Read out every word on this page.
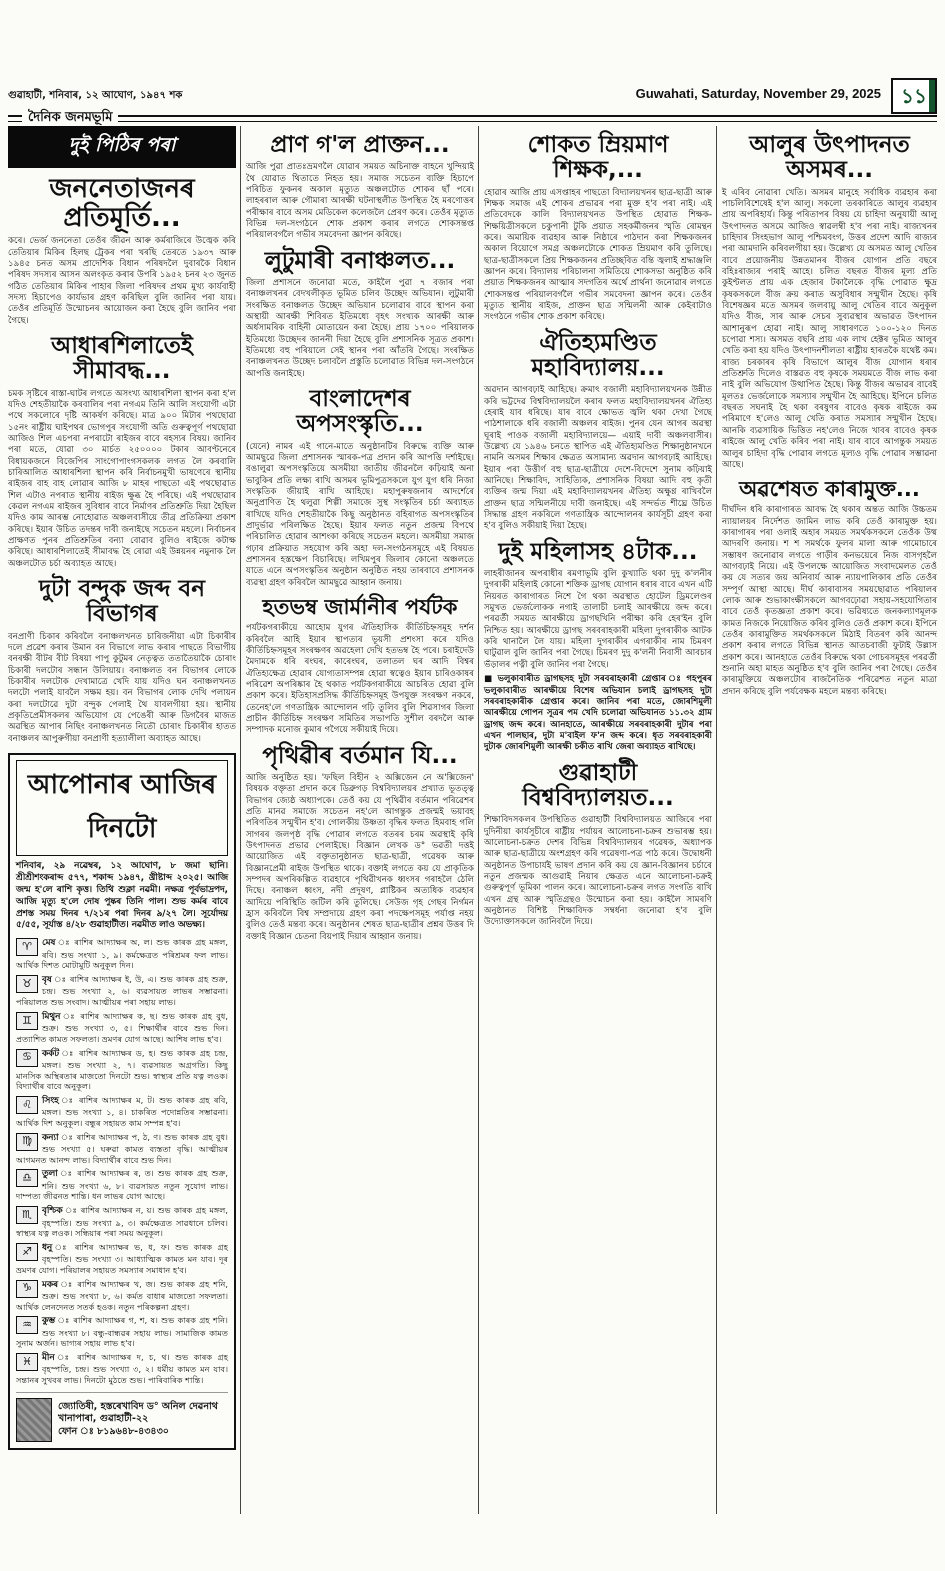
গুৱাহাটী, শনিবাৰ, ১২ আঘোণ, ১৯৪৭ শক	Guwahati, Saturday, November 29, 2025 ১১
দৈনিক জনমভূমি
দুই পিঠিৰ পৰা
জননেতাজনৰ প্ৰতিমূৰ্তি...

কৰে। ভেৰ্জ জননেতা তেওঁৰ জীৱন আৰু কৰ্মৰাজিৰে উজ্বেক কৰি তেতিয়াৰ মিকিৰ হিলছ ট্ৰেকৰ পৰা খৰছি তেৰতে ১৯৩৭ আৰু ১৯৪৫ চনত অসম প্ৰাদেশিক বিধান পৰিষদলৈ দুবাৰকৈ বিধান পৰিষদ সদস্যৰ আসন অলংকৃত কৰাৰ উপৰি ১৯৫২ চনৰ ২৩ জুনত গঠিত তেতিয়াৰ মিকিৰ পাহাৰ জিলা পৰিষদৰ প্ৰথম মুখ্য কাৰ্যবাহী সদস্য হিচাপেও কাৰ্যভাৰ গ্ৰহণ কৰিছিল বুলি জানিব পৰা যায়। তেওঁৰ প্ৰতিমূৰ্তি উন্মোচনৰ আয়োজন কৰা হৈছে বুলি জানিব পৰা গৈছে।

আধাৰশিলাতেই সীমাবদ্ধ...

চমক সৃষ্টিৰে ৰাস্তা-ঘাটৰ লগতে অসংখ্য আধাৰশিলা স্থাপন কৰা হ'ল যদিও শেহতীয়াকৈ কৰবালিৰ পৰা নগএম তিনি আলি সংযোগী এটা পথে সকলোৰে দৃষ্টি আকৰ্ষণ কৰিছে। মাত্ৰ ৯০০ মিটাৰ পথছোৱা ১৫নং ৰাষ্ট্ৰীয় ঘাইপথৰ ভোগপুৰ সংযোগী অতি গুৰুত্বপূৰ্ণ পথছোৱা আজিও শিল এচপৰা নপৰাটো ৰাইজৰ বাবে ৰহস্যৰ বিষয়। জানিব পৰা মতে, যোৱা ৩০ মাৰ্চত ২৫০০০০ টকাৰ আবণ্টনেৰে বিধায়কজনে বিজেপিৰ সাংগোপাংগসকলক লগত লৈ কৰবালি চাৰিআলিত আধাৰশিলা স্থাপন কৰি নিৰ্বাচনমুখী ভাষণেৰে স্থানীয় ৰাইজৰ বাহ বাহ লোৱাৰ আজি ৮ মাহৰ পাছতো এই পথছোৱাত শিল এটাও নপৰাত স্থানীয় ৰাইজ ক্ষুব্ধ হৈ পৰিছে। এই পথছোৱাৰ কেৱল নগএম ৰাইজৰ সুবিধাৰ বাবে নিৰ্মাণৰ প্ৰতিশ্ৰুতি দিয়া হৈছিল যদিও কাম আৰম্ভ নোহোৱাত অঞ্চলবাসীয়ে তীব্ৰ প্ৰতিক্ৰিয়া প্ৰকাশ কৰিছে। ইয়াৰ উচিত তদন্তৰ দাবী জনাইছে সচেতন মহলে। নিৰ্বাচনৰ প্ৰাক্ষণত পুনৰ প্ৰতিশ্ৰুতিৰ বন্যা বোৱাব বুলিও ৰাইজে কটাক্ষ কৰিছে। আধাৰশিলাতেই সীমাবদ্ধ হৈ ৰোৱা এই উন্নয়নৰ নমুনাক লৈ অঞ্চলটোত চৰ্চা অব্যাহত আছে।

দুটা বন্দুক জব্দ বন বিভাগৰ

বনপ্ৰাণী চিকাৰ কৰিবলৈ বনাঞ্চলখনত চাৰিজনীয়া এটা চিকাৰীৰ দলে প্ৰৱেশ কৰাৰ উমান বন বিভাগে লাভ কৰাৰ পাছতে বিভাগীয় বনৰক্ষী বীটৰ বীট বিষয়া পাপু কুটুমৰ নেতৃত্বত ততাতৈয়াকৈ চোৰাং চিকাৰী দলটোৰ সন্ধান উলিয়ায়। বনাঞ্চলত বন বিভাগৰ লোকে চিকাৰীৰ দলটোক দেখামাত্ৰে খেদি যায় যদিও ঘন বনাঞ্চলখনত দলটো পলাই যাবলৈ সক্ষম হয়। বন বিভাগৰ লোক দেখি পলায়ন কৰা দলটোৱে দুটা বন্দুক পেলাই থৈ যাবলগীয়া হয়। স্থানীয় প্ৰকৃতিপ্ৰেমীসকলৰ অভিযোগ যে পেঙেৰী আৰু ডিগবৈৰ মাজত অৱস্থিত আপাৰ নিছিং বনাঞ্চলখনত নিতৌ চোৰাং চিকাৰীৰ হাতত বনাঞ্চলৰ আপুৰুগীয়া বনপ্ৰাণী হত্যালীলা অব্যাহত আছে।

আপোনাৰ আজিৰ দিনটো
শনিবাৰ, ২৯ নৱেম্বৰ, ১২ আঘোণ, ৮ জমা ছানি। শ্ৰীশ্ৰীশংকৰাব্দ ৫৭৭, শকাব্দ ১৯৪৭, খ্ৰীষ্টাব্দ ২০২৫। আজি জন্ম হ'লে ৰাশি কৃত্ত। তিথি শুক্লা নৱমী। নক্ষত্ৰ পূৰ্বভাদ্ৰপদ, আজি মৃত্যু হ'লে দোষ পুষ্কৰ তিনি পাল। শুভ কৰ্মৰ বাবে প্ৰশস্ত সময় দিনৰ ৭/২১ৰ পৰা দিনৰ ৯/২৭ লৈ। সূৰ্যোদয় ৫/৫৫, সূৰ্যাস্ত ৪/২৮ গুৱাহাটীত। নৱমীত লাও অভক্ষ্য।
♈	মেষ ঃ ৰাশিৰ আদ্যাক্ষৰ অ, ল। শুভ কাৰক গ্ৰহ মঙ্গল, ৰবি। শুভ সংখ্যা ১, ৯। কৰ্মক্ষেত্ৰত পৰিশ্ৰমৰ ফল লাভ। আৰ্থিক দিশত মোটামুটি অনুকূল দিন।
♉	বৃষ ঃ ৰাশিৰ আদ্যাক্ষৰ ই, উ, এ। শুভ কাৰক গ্ৰহ শুক্ৰ, চন্দ্ৰ। শুভ সংখ্যা ২, ৬। ব্যৱসায়ত লাভৰ সম্ভাৱনা। পৰিয়ালত শুভ সংবাদ। আত্মীয়ৰ পৰা সহায় লাভ।
♊	মিথুন ঃ ৰাশিৰ আদ্যাক্ষৰ ক, ছ। শুভ কাৰক গ্ৰহ বুধ, শুক্ৰ। শুভ সংখ্যা ৩, ৫। শিক্ষাৰ্থীৰ বাবে শুভ দিন। প্ৰত্যাশিত কামত সফলতা। ভ্ৰমণৰ যোগ আছে। আশিষ লাভ হ'ব।
♋	কৰ্কট ঃ ৰাশিৰ আদ্যাক্ষৰ ড, হ। শুভ কাৰক গ্ৰহ চন্দ্ৰ, মঙ্গল। শুভ সংখ্যা ২, ৭। ব্যৱসায়ত অগ্ৰগতি। কিছু মানসিক অস্থিৰতাৰ মাজতো দিনটো শুভ। স্বাস্থ্যৰ প্ৰতি যত্ন লওক। বিদ্যাৰ্থীৰ বাবে অনুকূল।
♌	সিংহ ঃ ৰাশিৰ আদ্যাক্ষৰ ম, ট। শুভ কাৰক গ্ৰহ ৰবি, মঙ্গল। শুভ সংখ্যা ১, ৪। চাকৰিত পদোন্নতিৰ সম্ভাৱনা। আৰ্থিক দিশ অনুকূল। বন্ধুৰ সহায়ত কাম সম্পন্ন হ'ব।
♍	কন্যা ঃ ৰাশিৰ আদ্যাক্ষৰ প, ঠ, ণ। শুভ কাৰক গ্ৰহ বুধ। শুভ সংখ্যা ৫। ঘৰুৱা কামত ব্যস্ততা বৃদ্ধি। আত্মীয়ৰ আগমনত আনন্দ লাভ। বিদ্যাৰ্থীৰ বাবে শুভ দিন।
♎	তুলা ঃ ৰাশিৰ আদ্যাক্ষৰ ৰ, ত। শুভ কাৰক গ্ৰহ শুক্ৰ, শনি। শুভ সংখ্যা ৬, ৮। ব্যৱসায়ত নতুন সুযোগ লাভ। দাম্পত্য জীৱনত শান্তি। ধন লাভৰ যোগ আছে।
♏	বৃশ্চিক ঃ ৰাশিৰ আদ্যাক্ষৰ ন, য়। শুভ কাৰক গ্ৰহ মঙ্গল, বৃহস্পতি। শুভ সংখ্যা ৯, ৩। কৰ্মক্ষেত্ৰত সাৱধানে চলিব। স্বাস্থ্যৰ যত্ন লওক। সন্ধিয়াৰ পৰা সময় অনুকূল।
♐	ধনু ঃ ৰাশিৰ আদ্যাক্ষৰ ভ, ধ, ফ। শুভ কাৰক গ্ৰহ বৃহস্পতি। শুভ সংখ্যা ৩। আধ্যাত্মিক কামত মন যাব। দূৰ ভ্ৰমণৰ যোগ। পৰিয়ালৰ সহায়ত সমস্যাৰ সমাধান হ'ব।
♑	মকৰ ঃ ৰাশিৰ আদ্যাক্ষৰ খ, জ। শুভ কাৰক গ্ৰহ শনি, শুক্ৰ। শুভ সংখ্যা ৮, ৬। কৰ্মত বাধাৰ মাজতো সফলতা। আৰ্থিক লেনদেনত সতৰ্ক হওক। নতুন পৰিকল্পনা গ্ৰহণ।
♒	কুম্ভ ঃ ৰাশিৰ আদ্যাক্ষৰ গ, শ, ষ। শুভ কাৰক গ্ৰহ শনি। শুভ সংখ্যা ৮। বন্ধু-বান্ধৱৰ সহায় লাভ। সামাজিক কামত সুনাম অৰ্জন। ভাগ্যৰ সহায় লাভ হ'ব।
♓	মীন ঃ ৰাশিৰ আদ্যাক্ষৰ দ, চ, থ। শুভ কাৰক গ্ৰহ বৃহস্পতি, চন্দ্ৰ। শুভ সংখ্যা ৩, ২। ধৰ্মীয় কামত মন যাব। সন্তানৰ সুখবৰ লাভ। দিনটো মুঠতে শুভ। পাৰিবাৰিক শান্তি।
জ্যোতিষী, হস্তৰেখাবিদ ড° অনিল দেৱনাথ
খানাপাৰা, গুৱাহাটী-২২
ফোন ঃ ৮১৯৬৪৮-৪৩৪৩০
প্ৰাণ গ'ল প্ৰাক্তন...

আজি পুৱা প্ৰাতঃভ্ৰমণলৈ যোৱাৰ সময়ত অচিনাক্ত বাহনে খুন্দিয়াই থৈ যোৱাত থিতাতে নিহত হয়। সমাজ সচেতন ব্যক্তি হিচাপে পৰিচিত ফুকনৰ অকাল মৃত্যুত অঞ্চলটোত শোকৰ ছাঁ পৰে। লাহৰৰাল আৰু গৌমাৰা আৰক্ষী ঘটনাস্থলীত উপস্থিত হৈ মৰণোত্তৰ পৰীক্ষাৰ বাবে অসম মেডিকেল কলেজলৈ প্ৰেৰণ কৰে। তেওঁৰ মৃত্যুত বিভিন্ন দল-সংগঠনে শোক প্ৰকাশ কৰাৰ লগতে শোকসন্তপ্ত পৰিয়ালবৰ্গলৈ গভীৰ সমবেদনা জ্ঞাপন কৰিছে।

লুটুমাৰী বনাঞ্চলত...

জিলা প্ৰশাসনে জনোৱা মতে, কাইলৈ পুৱা ৭ বজাৰ পৰা বনাঞ্চলখনৰ বেদখলীকৃত ভূমিত চলিব উচ্ছেদ অভিযান। লুটুমাৰী সংৰক্ষিত বনাঞ্চলত উচ্ছেদ অভিযান চলোৱাৰ বাবে স্থাপন কৰা অস্থায়ী আৰক্ষী শিবিৰত ইতিমধ্যে বৃহৎ সংখ্যক আৰক্ষী আৰু অৰ্ধসামৰিক বাহিনী মোতায়েন কৰা হৈছে। প্ৰায় ১৭০০ পৰিয়ালক ইতিমধ্যে উচ্ছেদৰ জাননী দিয়া হৈছে বুলি প্ৰশাসনিক সূত্ৰত প্ৰকাশ। ইতিমধ্যে বহু পৰিয়ালে সেই স্থানৰ পৰা আঁতৰি গৈছে। সংৰক্ষিত বনাঞ্চলখনত উচ্ছেদ চলাবলৈ প্ৰস্তুতি চলোৱাত বিভিন্ন দল-সংগঠনে আপত্তি জনাইছে।

বাংলাদেশৰ অপসংস্কৃতি...

(যেনে) নামৰ এই গানে-মাতে অনুষ্ঠানটিৰ বিৰুদ্ধে ব্যক্তি আৰু আমছুৱে জিলা প্ৰশাসনক স্মাৰক-পত্ৰ প্ৰদান কৰি আপত্তি দৰ্শাইছে। বঙালুৱা অপসংস্কৃতিয়ে অসমীয়া জাতীয় জীৱনলৈ কঢ়িয়াই অনা ভাবুকিৰ প্ৰতি লক্ষ্য ৰাখি অসমৰ ভূমিপুত্ৰসকলে যুগ যুগ ধৰি নিজা সংস্কৃতিক জীয়াই ৰাখি আহিছে। মহাপুৰুষজনাৰ আদৰ্শেৰে অনুপ্ৰাণিত হৈ থলুৱা শিল্পী সমাজে সুস্থ সংস্কৃতিৰ চৰ্চা অব্যাহত ৰাখিছে যদিও শেহতীয়াকৈ কিছু অনুষ্ঠানত বহিৰাগত অপসংস্কৃতিৰ প্ৰাদুৰ্ভাৱ পৰিলক্ষিত হৈছে। ইয়াৰ ফলত নতুন প্ৰজন্ম বিপথে পৰিচালিত হোৱাৰ আশংকা কৰিছে সচেতন মহলে। অসমীয়া সমাজ গঢ়াৰ প্ৰক্ৰিয়াত সহযোগ কৰি অহা দল-সংগঠনসমূহে এই বিষয়ত প্ৰশাসনৰ হস্তক্ষেপ বিচাৰিছে। লখিমপুৰ জিলাৰ কোনো অঞ্চলতে যাতে এনে অপসংস্কৃতিৰ অনুষ্ঠান অনুষ্ঠিত নহয় তাৰবাবে প্ৰশাসনক ব্যৱস্থা গ্ৰহণ কৰিবলৈ আমছুৱে আহ্বান জনায়।

হতভম্ব জাৰ্মানীৰ পৰ্যটক

পৰ্যটকগৰাকীয়ে আহোম যুগৰ ঐতিহাসিক কীৰ্তিচিহ্নসমূহ দৰ্শন কৰিবলৈ আহি ইয়াৰ স্থাপত্যৰ ভূয়সী প্ৰশংসা কৰে যদিও কীৰ্তিচিহ্নসমূহৰ সংৰক্ষণৰ অৱহেলা দেখি হতভম্ব হৈ পৰে। চৰাইদেউ মৈদামকে ধৰি ৰংঘৰ, কাৰেংঘৰ, তলাতল ঘৰ আদি বিশ্বৰ ঐতিহ্যক্ষেত্ৰ হোৱাৰ যোগ্যতাসম্পন্ন হোৱা স্বত্বেও ইয়াৰ চাৰিওকাষৰ পৰিৱেশ অপৰিষ্কাৰ হৈ থকাত পৰ্যটকগৰাকীয়ে আচৰিত হোৱা বুলি প্ৰকাশ কৰে। ইতিহাসপ্ৰসিদ্ধ কীৰ্তিচিহ্নসমূহ উপযুক্ত সংৰক্ষণ নকৰে, তেনেহ'লে গণতান্ত্ৰিক আন্দোলন গঢ়ি তুলিব বুলি শিৱসাগৰ জিলা প্ৰাচীন কীৰ্তিচিহ্ন সংৰক্ষণ সমিতিৰ সভাপতি সুশীল বৰদলৈ আৰু সম্পাদক মনোজ কুমাৰ গগৈয়ে সকীয়াই দিয়ে।

পৃথিৱীৰ বৰ্তমান যি...

আজি অনুষ্ঠিত হয়। 'ফছিল বিহীন ২ অক্সিজেন নে অ'ক্সিজেন' বিষয়ক বক্তৃতা প্ৰদান কৰে ডিব্ৰুগড় বিশ্ববিদ্যালয়ৰ প্ৰখ্যাত ভূতত্ত্ব বিভাগৰ জ্যেষ্ঠ অধ্যাপকে। তেওঁ কয় যে পৃথিৱীৰ বৰ্তমান পৰিৱেশৰ প্ৰতি মানৱ সমাজে সচেতন নহ'লে আগন্তুক প্ৰজন্মই ভয়াবহ পৰিণতিৰ সন্মুখীন হ'ব। গোলকীয় উষ্ণতা বৃদ্ধিৰ ফলত হিমবাহ গলি সাগৰৰ জলপৃষ্ঠ বৃদ্ধি পোৱাৰ লগতে বতৰৰ চৰম অৱস্থাই কৃষি উৎপাদনত প্ৰভাৱ পেলাইছে। বিজ্ঞান লেখক ড° ভৱতী দত্তই আয়োজিত এই বক্তৃতানুষ্ঠানত ছাত্ৰ-ছাত্ৰী, গৱেষক আৰু বিজ্ঞানপ্ৰেমী ৰাইজ উপস্থিত থাকে। বক্তাই লগতে কয় যে প্ৰাকৃতিক সম্পদৰ অপৰিকল্পিত ব্যৱহাৰে পৃথিৱীখনক ধ্বংসৰ গৰাহলৈ ঠেলি দিছে। বনাঞ্চল ধ্বংস, নদী প্ৰদূষণ, প্লাষ্টিকৰ অত্যধিক ব্যৱহাৰ আদিয়ে পৰিস্থিতি জটিল কৰি তুলিছে। সেউজ গৃহ গেছৰ নিৰ্গমন হ্ৰাস কৰিবলৈ বিশ্ব সম্প্ৰদায়ে গ্ৰহণ কৰা পদক্ষেপসমূহ পৰ্যাপ্ত নহয় বুলিও তেওঁ মন্তব্য কৰে। অনুষ্ঠানৰ শেষত ছাত্ৰ-ছাত্ৰীৰ প্ৰশ্নৰ উত্তৰ দি বক্তাই বিজ্ঞান চেতনা বিয়পাই দিয়াৰ আহ্বান জনায়।

শোকত ম্ৰিয়মাণ শিক্ষক,...

হোৱাৰ আজি প্ৰায় এসপ্তাহৰ পাছতো বিদ্যালয়খনৰ ছাত্ৰ-ছাত্ৰী আৰু শিক্ষক সমাজ এই শোকৰ প্ৰভাৱৰ পৰা মুক্ত হ'ব পৰা নাই। এই প্ৰতিবেদকে কালি বিদ্যালয়খনত উপস্থিত হোৱাত শিক্ষক-শিক্ষয়িত্ৰীসকলে চকুপানী টুকি প্ৰয়াত সহকৰ্মীজনৰ স্মৃতি ৰোমন্থন কৰে। অমায়িক ব্যৱহাৰ আৰু নিষ্ঠাৰে পাঠদান কৰা শিক্ষকজনৰ অকাল বিয়োগে সমগ্ৰ অঞ্চলটোকে শোকত ম্ৰিয়মাণ কৰি তুলিছে। ছাত্ৰ-ছাত্ৰীসকলে প্ৰিয় শিক্ষকজনৰ প্ৰতিচ্ছবিত বন্তি জ্বলাই শ্ৰদ্ধাঞ্জলি জ্ঞাপন কৰে। বিদ্যালয় পৰিচালনা সমিতিয়ে শোকসভা অনুষ্ঠিত কৰি প্ৰয়াত শিক্ষকজনৰ আত্মাৰ সদগতিৰ অৰ্থে প্ৰাৰ্থনা জনোৱাৰ লগতে শোকসন্তপ্ত পৰিয়ালবৰ্গলৈ গভীৰ সমবেদনা জ্ঞাপন কৰে। তেওঁৰ মৃত্যুত স্থানীয় ৰাইজ, প্ৰাক্তন ছাত্ৰ সন্মিলনী আৰু কেইবাটাও সংগঠনে গভীৰ শোক প্ৰকাশ কৰিছে।

ঐতিহ্যমণ্ডিত মহাবিদ্যালয়...

অৱদান আগবঢ়াই আহিছে। ক্ৰমাৎ বজালী মহাবিদ্যালয়খনক উন্নীত কৰি ভট্টদেৱ বিশ্ববিদ্যালয়লৈ কৰাৰ ফলত মহাবিদ্যালয়খনৰ ঐতিহ্য হেৰাই যাব ধৰিছে। যাৰ বাবে ক্ষোভত জ্বলি থকা দেখা গৈছে পাঠশালাকে ধৰি বজালী অঞ্চলৰ ৰাইজ। পুনৰ যেন আগৰ অৱস্থা ঘূৰাই পাওক বজালী মহাবিদ্যালয়ে— এয়াই দাবী অঞ্চলবাসীৰ। উল্লেখ্য যে ১৯৪৬ চনতে স্থাপিত এই ঐতিহ্যমণ্ডিত শিক্ষানুষ্ঠানখনে নামনি অসমৰ শিক্ষাৰ ক্ষেত্ৰত অসামান্য অৱদান আগবঢ়াই আহিছে। ইয়াৰ পৰা উত্তীৰ্ণ বহু ছাত্ৰ-ছাত্ৰীয়ে দেশে-বিদেশে সুনাম কঢ়িয়াই আনিছে। শিক্ষাবিদ, সাহিত্যিক, প্ৰশাসনিক বিষয়া আদি বহু কৃতী ব্যক্তিৰ জন্ম দিয়া এই মহাবিদ্যালয়খনৰ ঐতিহ্য অক্ষুণ্ণ ৰাখিবলৈ প্ৰাক্তন ছাত্ৰ সন্মিলনীয়ে দাবী জনাইছে। এই সন্দৰ্ভত শীঘ্ৰে উচিত সিদ্ধান্ত গ্ৰহণ নকৰিলে গণতান্ত্ৰিক আন্দোলনৰ কাৰ্যসূচী গ্ৰহণ কৰা হ'ব বুলিও সকীয়াই দিয়া হৈছে।

দুই মহিলাসহ ৪টাক...

লাহৰীজানৰ অপৰাধীৰ ৰমণাভূমি বুলি কুখ্যাতি থকা দুদু ক'লনীৰ দুগৰাকী মহিলাই কোনো শক্তিক ড্ৰাগছ যোগান ধৰাৰ বাবে এখন এটি নিয়ৰত কাৰাগাৰত নিশে গৈ থকা অৱস্থাত হোটেল ড্ৰিমলেণ্ডৰ সমুখত ভেৰ্জলোকক নগাই তালাচী চলাই আৰক্ষীয়ে জব্দ কৰে। পৰৱৰ্তী সময়ত আৰক্ষীয়ে ড্ৰাগছখিনি পৰীক্ষা কৰি হেৰ'ইন বুলি নিশ্চিত হয়। আৰক্ষীয়ে ড্ৰাগছ সৰবৰাহকাৰী মহিলা দুগৰাকীক আটক কৰি থানালৈ লৈ যায়। মহিলা দুগৰাকীৰ এগৰাকীৰ নাম চিমৰণ ঘাটুৱাল বুলি জানিব পৰা গৈছে। চিমৰণ দুদু ক'লনী নিবাসী আবচাৰ ভঁড়ালৰ পত্নী বুলি জানিব পৰা গৈছে।

■ ভলুকাবাৰীত ড্ৰাগছসহ দুটা সৰবৰাহকাৰী গ্ৰেপ্তাৰ ঃ গহপুৰৰ ভলুকাবাৰীত আৰক্ষীয়ে বিশেষ অভিযান চলাই ড্ৰাগছসহ দুটা সৰবৰাহকাৰীক গ্ৰেপ্তাৰ কৰে। জানিব পৰা মতে, জোৰশিমুলী আৰক্ষীয়ে গোপন সূত্ৰৰ পম খেদি চলোৱা অভিযানত ১১.৩২ গ্ৰাম ড্ৰাগছ জব্দ কৰে। আনহাতে, আৰক্ষীয়ে সৰবৰাহকাৰী দুটাৰ পৰা এখন পালছাৰ, দুটা ম'বাইল ফ'ন জব্দ কৰে। ধৃত সৰবৰাহকাৰী দুটাক জোৰশিমুলী আৰক্ষী চকীত ৰাখি জেৰা অব্যাহত ৰাখিছে।

গুৱাহাটী বিশ্ববিদ্যালয়ত...

শিক্ষাবিদসকলৰ উপস্থিতিত গুৱাহাটী বিশ্ববিদ্যালয়ত আজিৰে পৰা দুদিনীয়া কাৰ্যসূচীৰে ৰাষ্ট্ৰীয় পৰ্যায়ৰ আলোচনা-চক্ৰৰ শুভাৰম্ভ হয়। আলোচনা-চক্ৰত দেশৰ বিভিন্ন বিশ্ববিদ্যালয়ৰ গৱেষক, অধ্যাপক আৰু ছাত্ৰ-ছাত্ৰীয়ে অংশগ্ৰহণ কৰি গৱেষণা-পত্ৰ পাঠ কৰে। উদ্বোধনী অনুষ্ঠানত উপাচাৰ্যই ভাষণ প্ৰদান কৰি কয় যে জ্ঞান-বিজ্ঞানৰ চৰ্চাৰে নতুন প্ৰজন্মক আগুৱাই নিয়াৰ ক্ষেত্ৰত এনে আলোচনা-চক্ৰই গুৰুত্বপূৰ্ণ ভূমিকা পালন কৰে। আলোচনা-চক্ৰৰ লগত সংগতি ৰাখি এখন গ্ৰন্থ আৰু স্মৃতিগ্ৰন্থও উন্মোচন কৰা হয়। কাইলৈ সামৰণি অনুষ্ঠানত বিশিষ্ট শিক্ষাবিদক সম্বৰ্ধনা জনোৱা হ'ব বুলি উদ্যোক্তাসকলে জানিবলৈ দিয়ে।

আলুৰ উৎপাদনত অসমৰ...

ই এৰিব নোৱাৰা খেতি। অসমৰ মানুহে সৰ্বাধিক ব্যৱহাৰ কৰা পাচলিবিশেষেই হ'ল আলু। সকলো তৰকাৰিতে আলুৰ ব্যৱহাৰ প্ৰায় অপৰিহাৰ্য। কিন্তু পৰিতাপৰ বিষয় যে চাহিদা অনুযায়ী আলু উৎপাদনত অসমে আজিও স্বাৱলম্বী হ'ব পৰা নাই। ৰাজ্যখনৰ চাহিদাৰ সিংহভাগ আলু পশ্চিমবংগ, উত্তৰ প্ৰদেশ আদি ৰাজ্যৰ পৰা আমদানি কৰিবলগীয়া হয়। উল্লেখ্য যে অসমত আলু খেতিৰ বাবে প্ৰয়োজনীয় উন্নতমানৰ বীজৰ যোগান প্ৰতি বছৰে বহিঃৰাজ্যৰ পৰাই আহে। চলিত বছৰত বীজৰ মূল্য প্ৰতি কুইণ্টলত প্ৰায় এক হেজাৰ টকালৈকে বৃদ্ধি পোৱাত ক্ষুদ্ৰ কৃষকসকলে বীজ ক্ৰয় কৰাত অসুবিধাৰ সন্মুখীন হৈছে। কৃষি বিশেষজ্ঞৰ মতে অসমৰ জলবায়ু আলু খেতিৰ বাবে অনুকূল যদিও বীজ, সাৰ আৰু সেচৰ সুব্যৱস্থাৰ অভাৱত উৎপাদন আশানুৰূপ হোৱা নাই। আলু সাধাৰণতে ১০০-১২০ দিনত চপোৱা শস্য। অসমত বছৰি প্ৰায় এক লাখ হেক্টৰ ভূমিত আলুৰ খেতি কৰা হয় যদিও উৎপাদনশীলতা ৰাষ্ট্ৰীয় হাৰতকৈ যথেষ্ট কম। ৰাজ্য চৰকাৰৰ কৃষি বিভাগে আলুৰ বীজ যোগান ধৰাৰ প্ৰতিশ্ৰুতি দিলেও বাস্তৱত বহু কৃষকে সময়মতে বীজ লাভ কৰা নাই বুলি অভিযোগ উত্থাপিত হৈছে। কিন্তু বীজৰ অভাৱৰ বাবেই মূলতঃ ভেৰ্জলোকে সমস্যাৰ সন্মুখীন হৈ আহিছে। ইপিনে চলিত বছৰত সঘনাই হৈ থকা বৰষুণৰ বাবেও কৃষক ৰাইজে কম পৰিমাণে হ'লেও আলু খেতি কৰাত সমস্যাৰ সন্মুখীন হৈছে। আনকি ব্যৱসায়িক ভিত্তিত নহ'লেও নিজে খাবৰ বাবেও কৃষক ৰাইজে আলু খেতি কৰিব পৰা নাই। যাৰ বাবে আগন্তুক সময়ত আলুৰ চাহিদা বৃদ্ধি পোৱাৰ লগতে মূল্যও বৃদ্ধি পোৱাৰ সম্ভাৱনা আছে।

অৱশেষত কাৰামুক্ত...

দীৰ্ঘদিন ধৰি কাৰাগাৰত আবদ্ধ হৈ থকাৰ অন্তত আজি উচ্চতম ন্যায়ালয়ৰ নিৰ্দেশত জামিন লাভ কৰি তেওঁ কাৰামুক্ত হয়। কাৰাগাৰৰ পৰা ওলাই অহাৰ সময়ত সমৰ্থকসকলে তেওঁক উষ্ম আদৰণি জনায়। শ শ সমৰ্থকে ফুলৰ মালা আৰু গামোচাৰে সম্ভাষণ জনোৱাৰ লগতে গাড়ীৰ কনভয়েৰে নিজ বাসগৃহলৈ আগবঢ়াই নিয়ে। এই উপলক্ষে আয়োজিত সংবাদমেলত তেওঁ কয় যে সত্যৰ জয় অনিবাৰ্য আৰু ন্যায়পালিকাৰ প্ৰতি তেওঁৰ সম্পূৰ্ণ আস্থা আছে। দীৰ্ঘ কাৰাবাসৰ সময়ছোৱাত পৰিয়ালৰ লোক আৰু শুভাকাংক্ষীসকলে আগবঢ়োৱা সহায়-সহযোগিতাৰ বাবে তেওঁ কৃতজ্ঞতা প্ৰকাশ কৰে। ভৱিষ্যতে জনকল্যাণমূলক কামত নিজকে নিয়োজিত কৰিব বুলিও তেওঁ প্ৰকাশ কৰে। ইপিনে তেওঁৰ কাৰামুক্তিত সমৰ্থকসকলে মিঠাই বিতৰণ কৰি আনন্দ প্ৰকাশ কৰাৰ লগতে বিভিন্ন স্থানত আতচবাজী ফুটাই উল্লাস প্ৰকাশ কৰে। আনহাতে তেওঁৰ বিৰুদ্ধে থকা গোচৰসমূহৰ পৰৱৰ্তী শুনানি অহা মাহত অনুষ্ঠিত হ'ব বুলি জানিব পৰা গৈছে। তেওঁৰ কাৰামুক্তিয়ে অঞ্চলটোৰ ৰাজনৈতিক পৰিৱেশত নতুন মাত্ৰা প্ৰদান কৰিছে বুলি পৰ্যবেক্ষক মহলে মন্তব্য কৰিছে।
